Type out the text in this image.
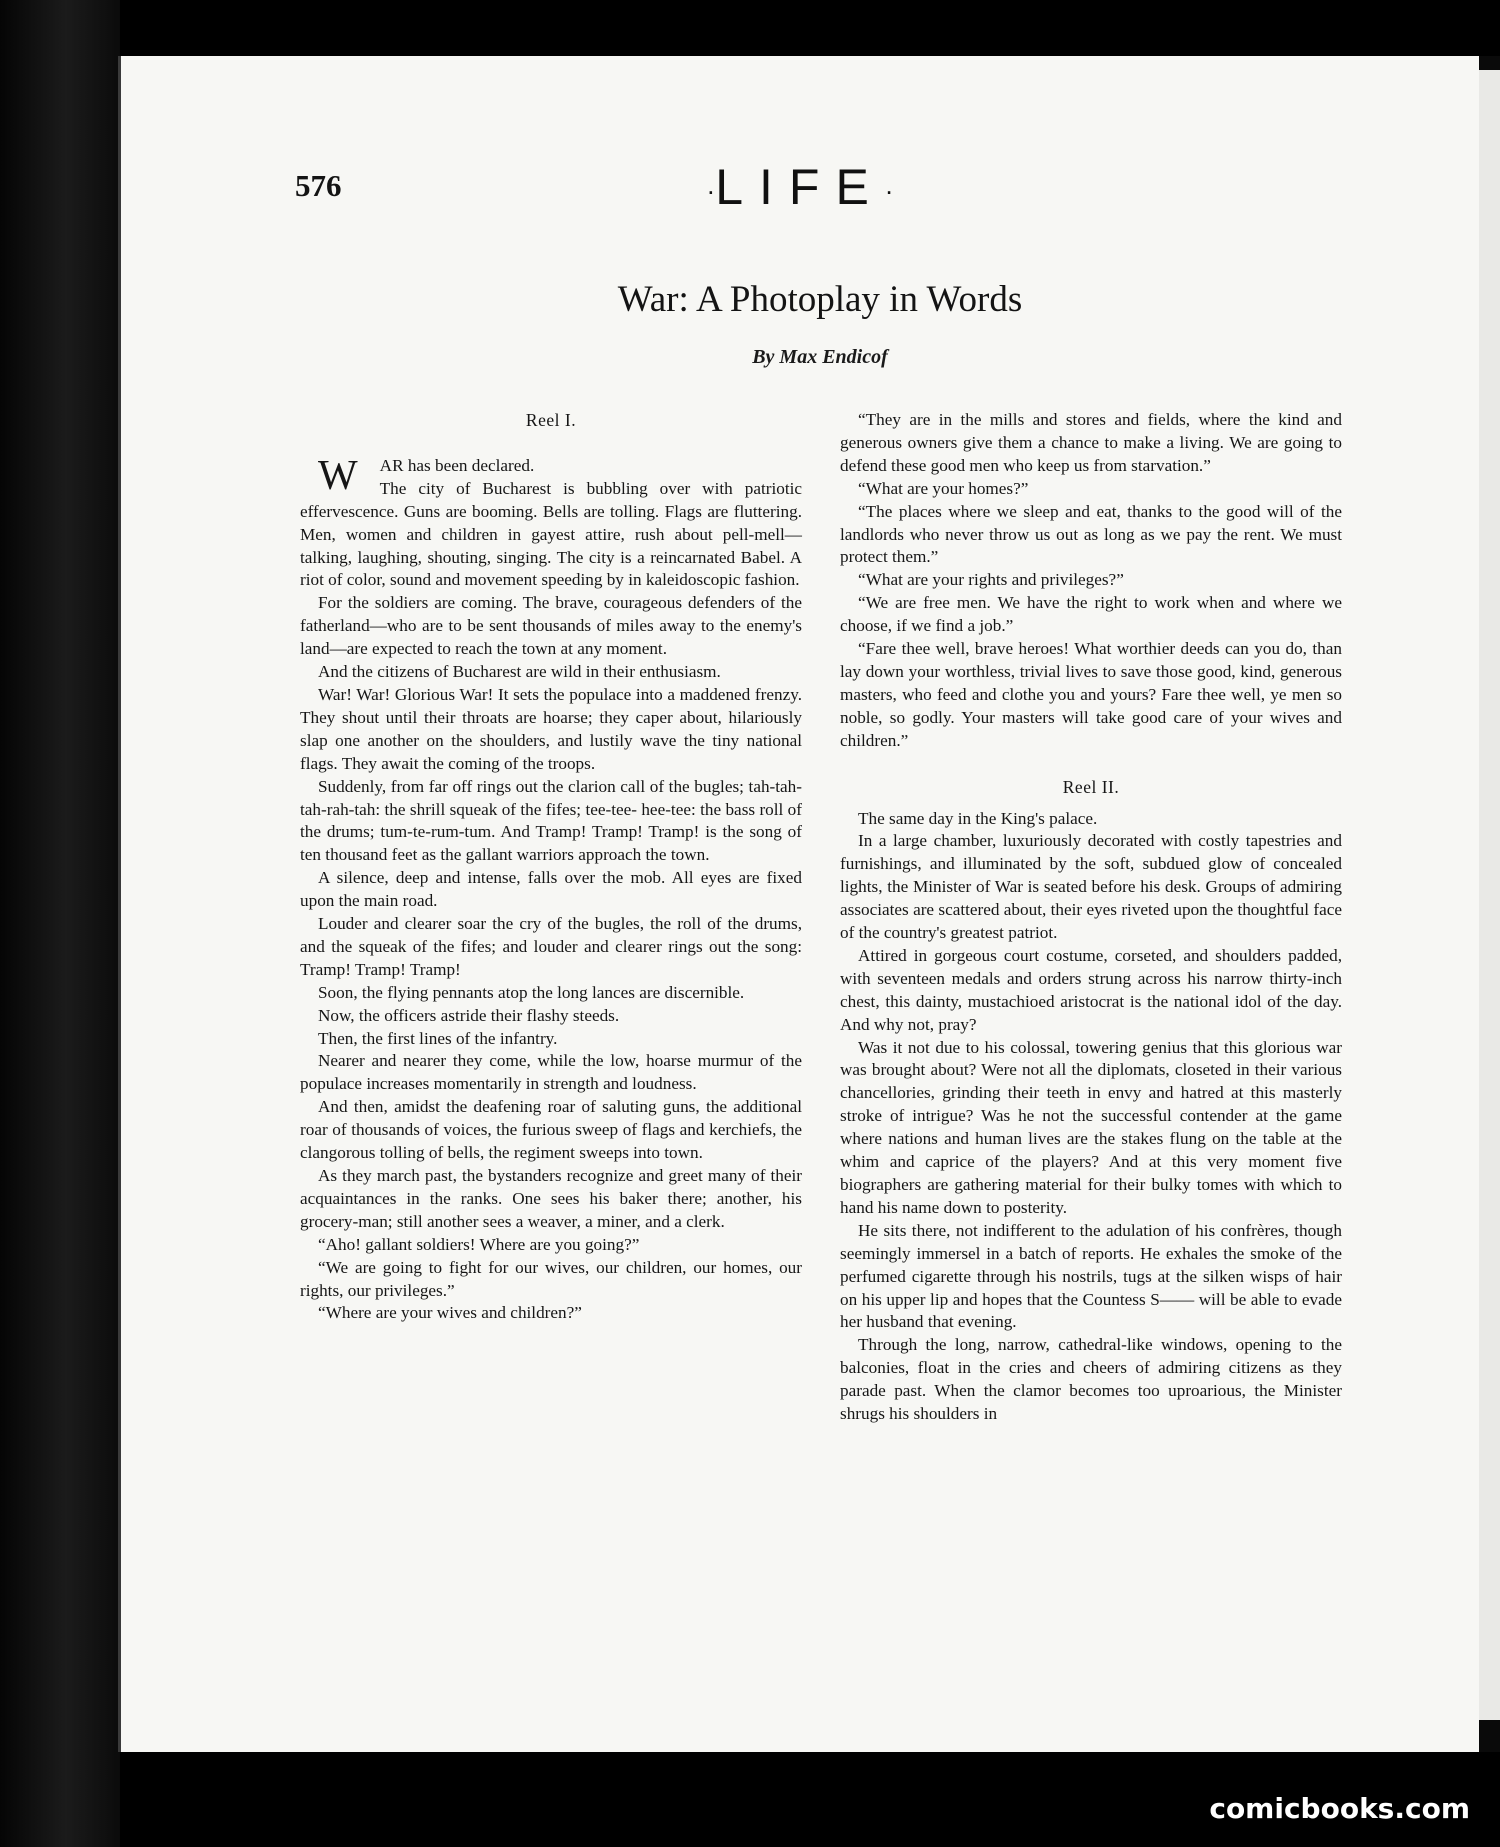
576	·LIFE·
War: A Photoplay in Words
By Max Endicof
Reel I.

W AR has been declared.

The city of Bucharest is bubbling over with patriotic effervescence. Guns are booming. Bells are tolling. Flags are fluttering. Men, women and children in gayest attire, rush about pell-mell—talking, laughing, shouting, singing. The city is a reincarnated Babel. A riot of color, sound and movement speeding by in kaleidoscopic fashion.

For the soldiers are coming. The brave, courageous defenders of the fatherland—who are to be sent thousands of miles away to the enemy's land—are expected to reach the town at any moment.

And the citizens of Bucharest are wild in their enthusiasm.

War! War! Glorious War! It sets the populace into a maddened frenzy. They shout until their throats are hoarse; they caper about, hilariously slap one another on the shoulders, and lustily wave the tiny national flags. They await the coming of the troops.

Suddenly, from far off rings out the clarion call of the bugles; tah-tah-tah-rah-tah: the shrill squeak of the fifes; tee-tee- hee-tee: the bass roll of the drums; tum-te-rum-tum. And Tramp! Tramp! Tramp! is the song of ten thousand feet as the gallant warriors approach the town.

A silence, deep and intense, falls over the mob. All eyes are fixed upon the main road.

Louder and clearer soar the cry of the bugles, the roll of the drums, and the squeak of the fifes; and louder and clearer rings out the song: Tramp! Tramp! Tramp!

Soon, the flying pennants atop the long lances are discernible.

Now, the officers astride their flashy steeds.

Then, the first lines of the infantry.

Nearer and nearer they come, while the low, hoarse murmur of the populace increases momentarily in strength and loudness.

And then, amidst the deafening roar of saluting guns, the additional roar of thousands of voices, the furious sweep of flags and kerchiefs, the clangorous tolling of bells, the regiment sweeps into town.

As they march past, the bystanders recognize and greet many of their acquaintances in the ranks. One sees his baker there; another, his grocery-man; still another sees a weaver, a miner, and a clerk.

“Aho! gallant soldiers! Where are you going?”

“We are going to fight for our wives, our children, our homes, our rights, our privileges.”

“Where are your wives and children?”

“They are in the mills and stores and fields, where the kind and generous owners give them a chance to make a living. We are going to defend these good men who keep us from starvation.”

“What are your homes?”

“The places where we sleep and eat, thanks to the good will of the landlords who never throw us out as long as we pay the rent. We must protect them.”

“What are your rights and privileges?”

“We are free men. We have the right to work when and where we choose, if we find a job.”

“Fare thee well, brave heroes! What worthier deeds can you do, than lay down your worthless, trivial lives to save those good, kind, generous masters, who feed and clothe you and yours? Fare thee well, ye men so noble, so godly. Your masters will take good care of your wives and children.”

Reel II.

The same day in the King's palace.

In a large chamber, luxuriously decorated with costly tapestries and furnishings, and illuminated by the soft, subdued glow of concealed lights, the Minister of War is seated before his desk. Groups of admiring associates are scattered about, their eyes riveted upon the thoughtful face of the country's greatest patriot.

Attired in gorgeous court costume, corseted, and shoulders padded, with seventeen medals and orders strung across his narrow thirty-inch chest, this dainty, mustachioed aristocrat is the national idol of the day. And why not, pray?

Was it not due to his colossal, towering genius that this glorious war was brought about? Were not all the diplomats, closeted in their various chancellories, grinding their teeth in envy and hatred at this masterly stroke of intrigue? Was he not the successful contender at the game where nations and human lives are the stakes flung on the table at the whim and caprice of the players? And at this very moment five biographers are gathering material for their bulky tomes with which to hand his name down to posterity.

He sits there, not indifferent to the adulation of his confrères, though seemingly immersel in a batch of reports. He exhales the smoke of the perfumed cigarette through his nostrils, tugs at the silken wisps of hair on his upper lip and hopes that the Countess S—— will be able to evade her husband that evening.

Through the long, narrow, cathedral-like windows, opening to the balconies, float in the cries and cheers of admiring citizens as they parade past. When the clamor becomes too uproarious, the Minister shrugs his shoulders in

comicbooks.com
